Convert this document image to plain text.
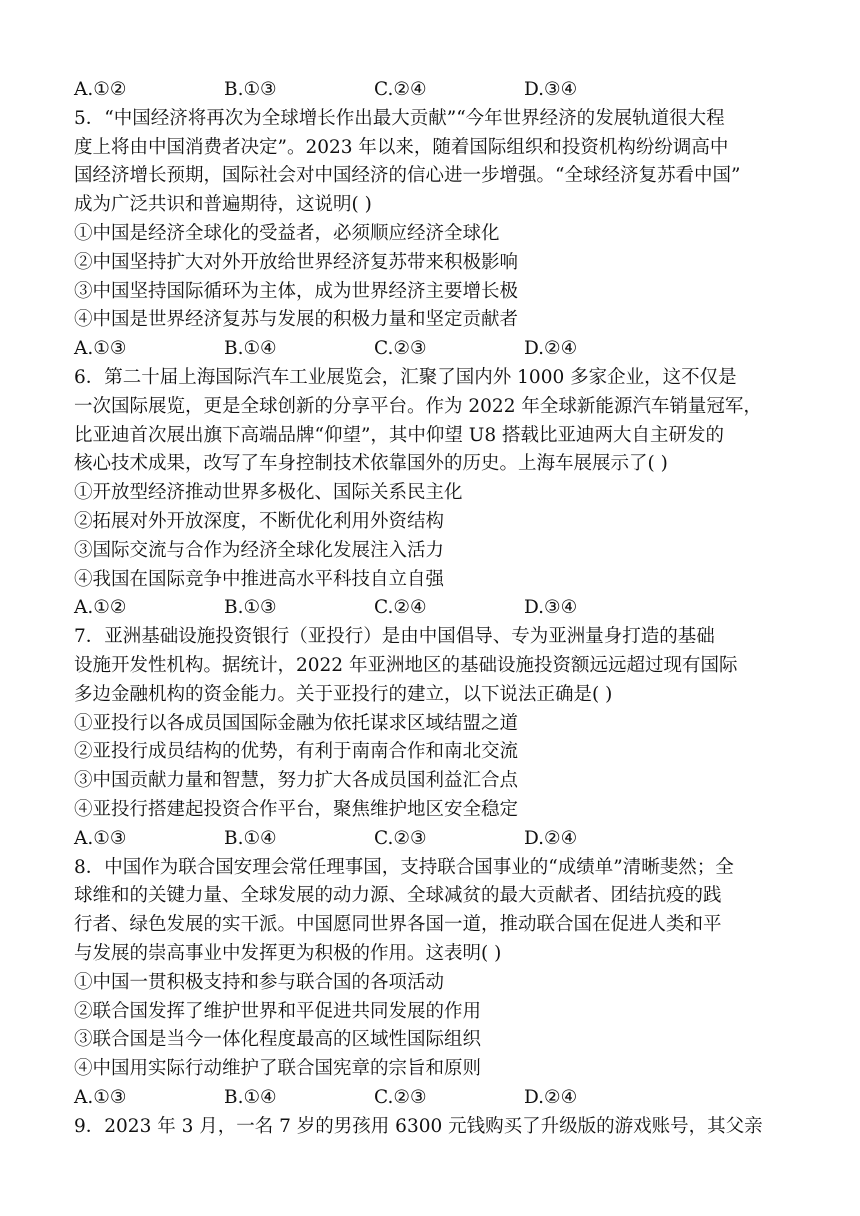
A.①②	B.①③	C.②④	D.③④
5．“中国经济将再次为全球增长作出最大贡献”“今年世界经济的发展轨道很大程
度上将由中国消费者决定”。2023 年以来，随着国际组织和投资机构纷纷调高中
国经济增长预期，国际社会对中国经济的信心进一步增强。“全球经济复苏看中国”
成为广泛共识和普遍期待，这说明( )
①中国是经济全球化的受益者，必须顺应经济全球化
②中国坚持扩大对外开放给世界经济复苏带来积极影响
③中国坚持国际循环为主体，成为世界经济主要增长极
④中国是世界经济复苏与发展的积极力量和坚定贡献者
A.①③	B.①④	C.②③	D.②④
6．第二十届上海国际汽车工业展览会，汇聚了国内外 1000 多家企业，这不仅是
一次国际展览，更是全球创新的分享平台。作为 2022 年全球新能源汽车销量冠军，
比亚迪首次展出旗下高端品牌“仰望”，其中仰望 U8 搭载比亚迪两大自主研发的
核心技术成果，改写了车身控制技术依靠国外的历史。上海车展展示了( )
①开放型经济推动世界多极化、国际关系民主化
②拓展对外开放深度，不断优化利用外资结构
③国际交流与合作为经济全球化发展注入活力
④我国在国际竞争中推进高水平科技自立自强
A.①②	B.①③	C.②④	D.③④
7．亚洲基础设施投资银行（亚投行）是由中国倡导、专为亚洲量身打造的基础
设施开发性机构。据统计，2022 年亚洲地区的基础设施投资额远远超过现有国际
多边金融机构的资金能力。关于亚投行的建立，以下说法正确是( )
①亚投行以各成员国国际金融为依托谋求区域结盟之道
②亚投行成员结构的优势，有利于南南合作和南北交流
③中国贡献力量和智慧，努力扩大各成员国利益汇合点
④亚投行搭建起投资合作平台，聚焦维护地区安全稳定
A.①③	B.①④	C.②③	D.②④
8．中国作为联合国安理会常任理事国，支持联合国事业的“成绩单”清晰斐然；全
球维和的关键力量、全球发展的动力源、全球减贫的最大贡献者、团结抗疫的践
行者、绿色发展的实干派。中国愿同世界各国一道，推动联合国在促进人类和平
与发展的崇高事业中发挥更为积极的作用。这表明( )
①中国一贯积极支持和参与联合国的各项活动
②联合国发挥了维护世界和平促进共同发展的作用
③联合国是当今一体化程度最高的区域性国际组织
④中国用实际行动维护了联合国宪章的宗旨和原则
A.①③	B.①④	C.②③	D.②④
9．2023 年 3 月，一名 7 岁的男孩用 6300 元钱购买了升级版的游戏账号，其父亲
